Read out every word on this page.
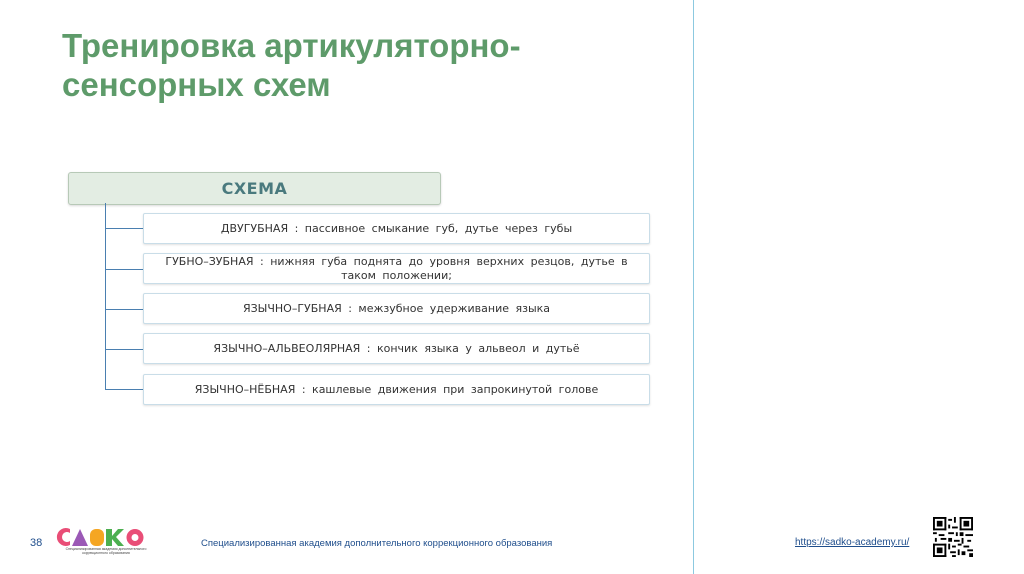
Тренировка артикуляторно-
сенсорных схем
СХЕМА
ДВУГУБНАЯ : пассивное смыкание губ, дутье через губы
ГУБНО–ЗУБНАЯ : нижняя губа поднята до уровня верхних резцов, дутье в таком положении;
ЯЗЫЧНО–ГУБНАЯ : межзубное удерживание языка
ЯЗЫЧНО–АЛЬВЕОЛЯРНАЯ : кончик языка у альвеол и дутьё
ЯЗЫЧНО–НЁБНАЯ : кашлевые движения при запрокинутой голове
38	Специализированная академия дополнительного коррекционного образования
Специализированная академия дополнительного коррекционного образования	https://sadko-academy.ru/
